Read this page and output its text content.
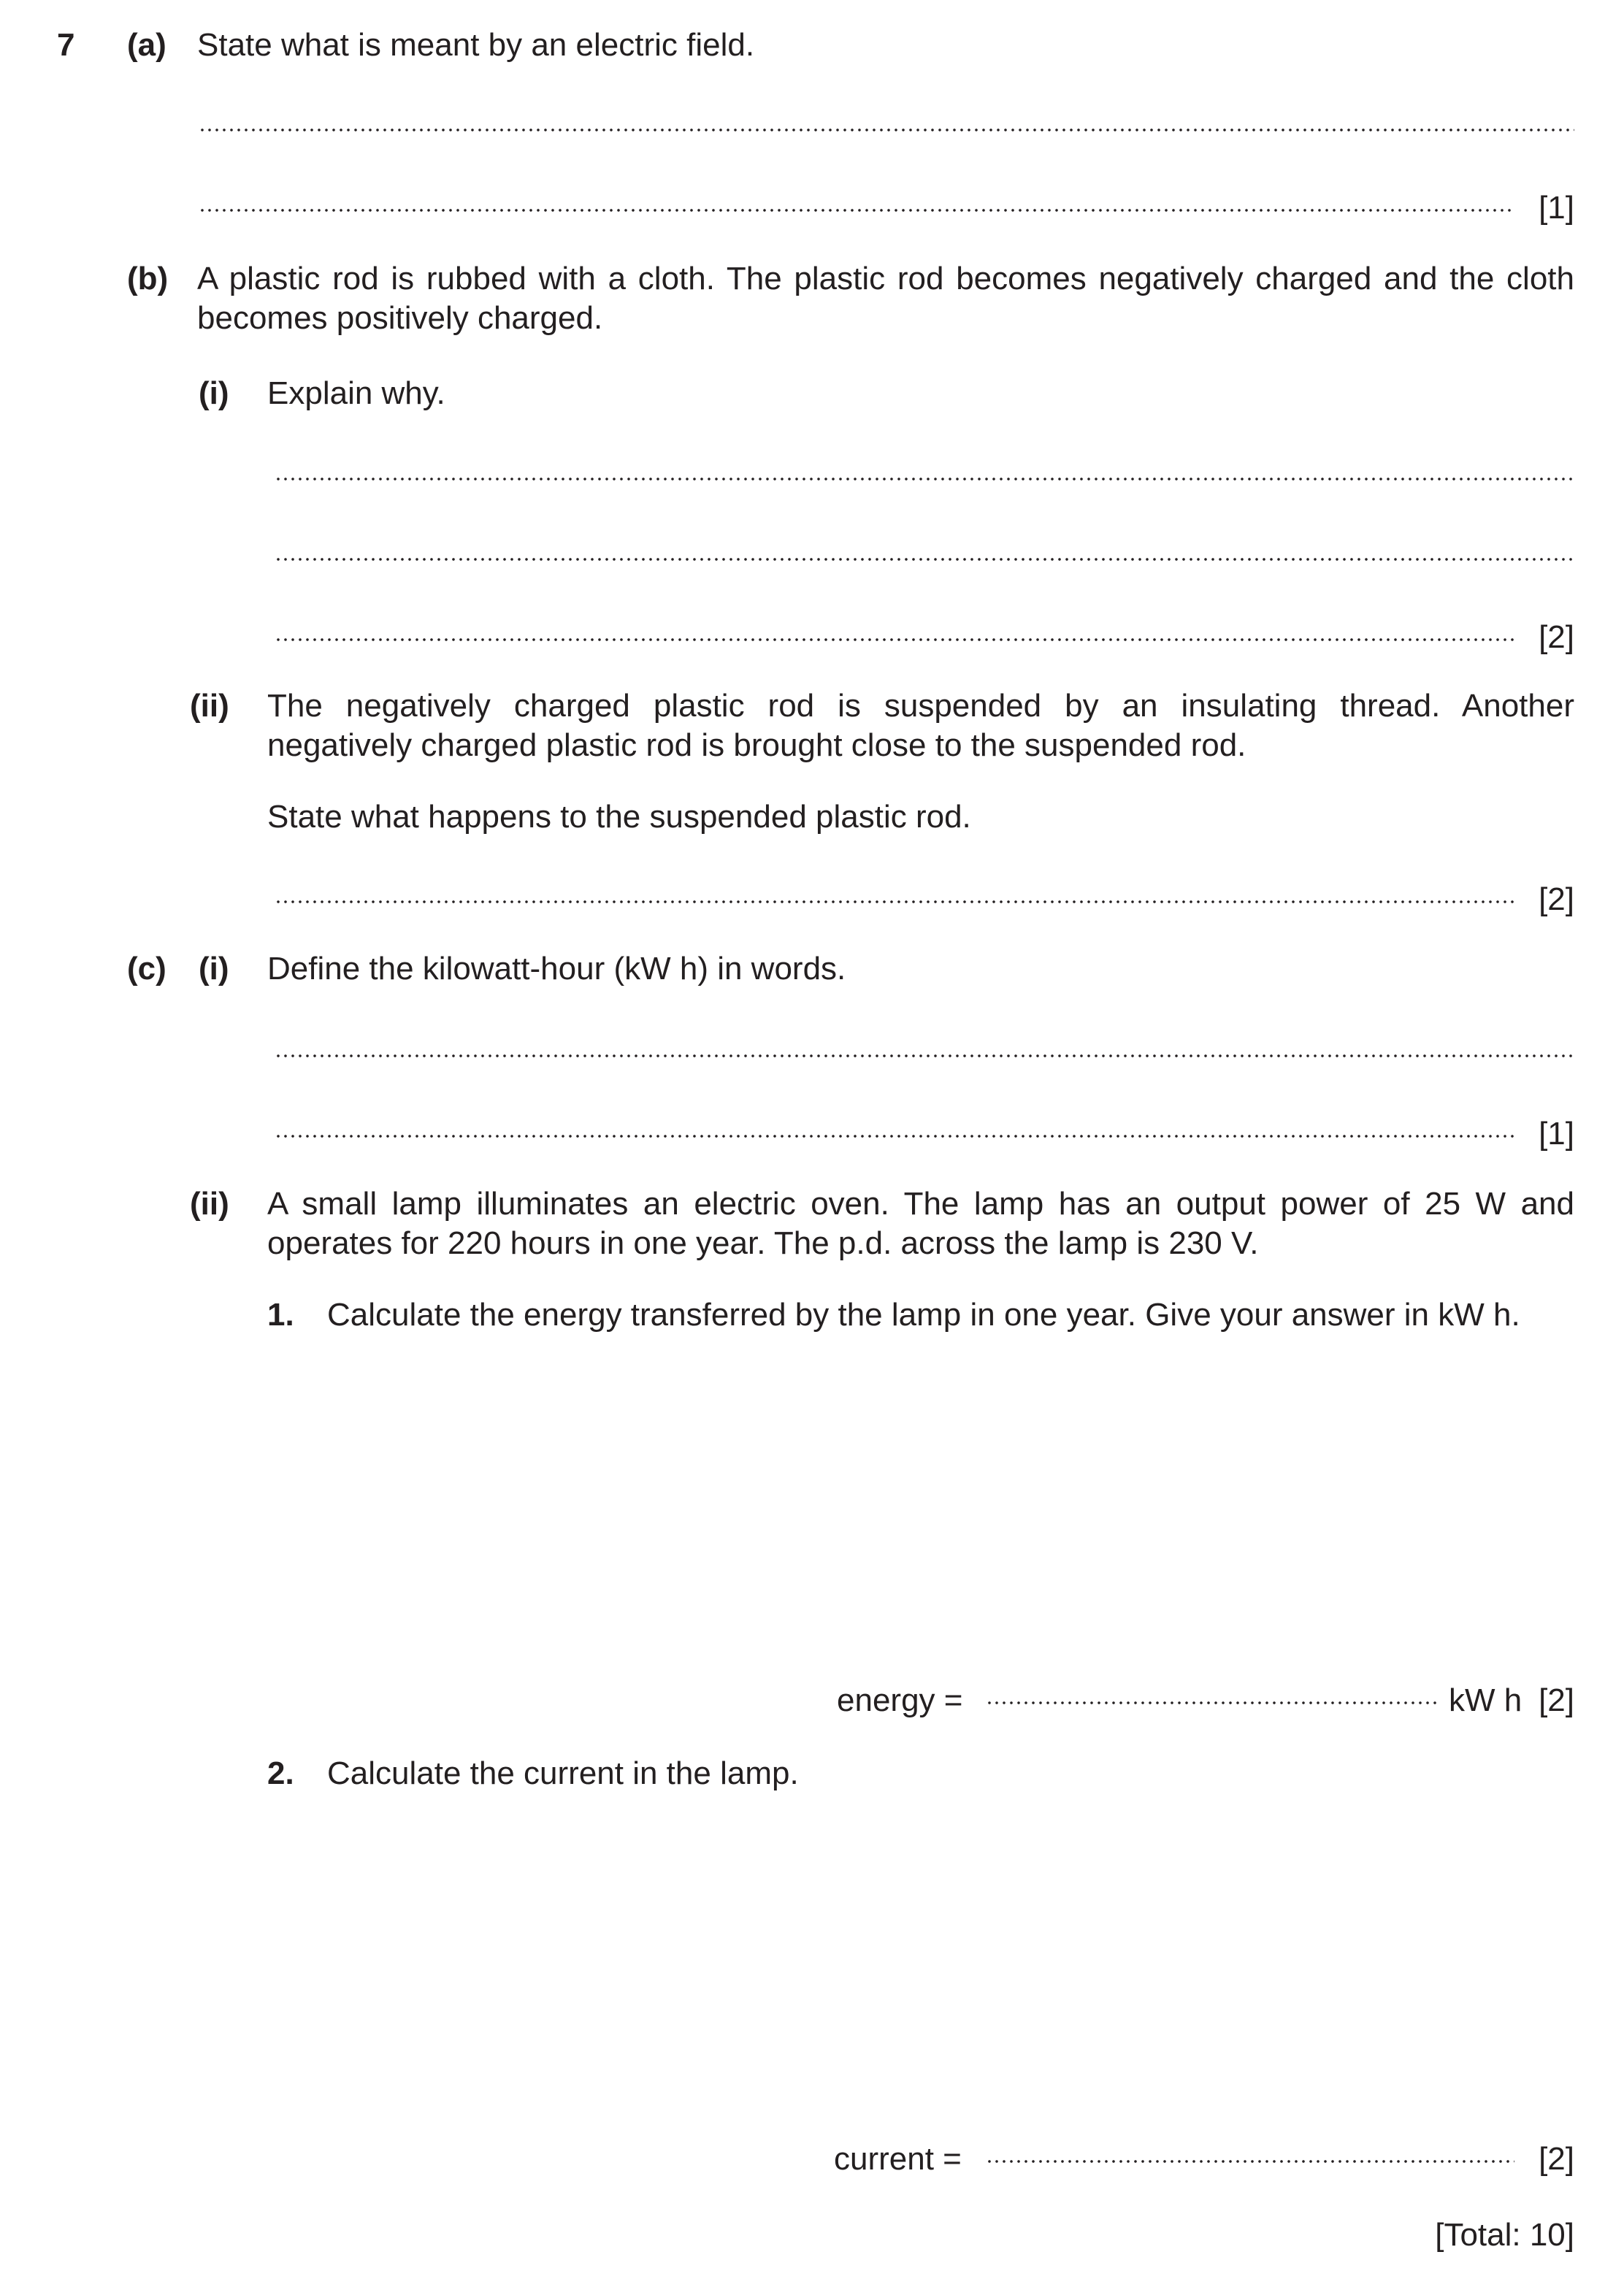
7 (a) State what is meant by an electric field.
[1]
(b) A plastic rod is rubbed with a cloth. The plastic rod becomes negatively charged and the cloth
becomes positively charged.
(i) Explain why.
[2]
(ii) The negatively charged plastic rod is suspended by an insulating thread. Another
negatively charged plastic rod is brought close to the suspended rod.
State what happens to the suspended plastic rod.
[2]
(c) (i) Define the kilowatt-hour (kW h) in words.
[1]
(ii) A small lamp illuminates an electric oven. The lamp has an output power of 25 W and
operates for 220 hours in one year. The p.d. across the lamp is 230 V.
1. Calculate the energy transferred by the lamp in one year. Give your answer in kW h.
energy =	kW h [2]
2. Calculate the current in the lamp.
current =	[2]
[Total: 10]
